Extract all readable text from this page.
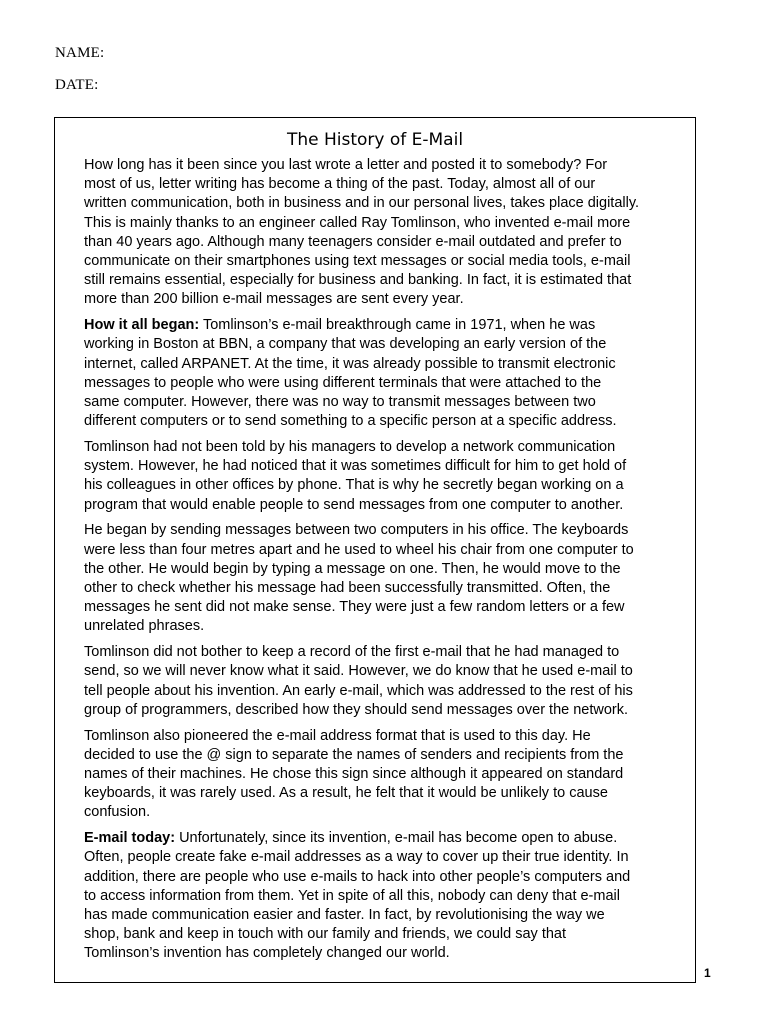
NAME:
DATE:
The History of E-Mail

How long has it been since you last wrote a letter and posted it to somebody? For
most of us, letter writing has become a thing of the past. Today, almost all of our
written communication, both in business and in our personal lives, takes place digitally.
This is mainly thanks to an engineer called Ray Tomlinson, who invented e-mail more
than 40 years ago. Although many teenagers consider e-mail outdated and prefer to
communicate on their smartphones using text messages or social media tools, e-mail
still remains essential, especially for business and banking. In fact, it is estimated that
more than 200 billion e-mail messages are sent every year.

How it all began: Tomlinson’s e-mail breakthrough came in 1971, when he was
working in Boston at BBN, a company that was developing an early version of the
internet, called ARPANET. At the time, it was already possible to transmit electronic
messages to people who were using different terminals that were attached to the
same computer. However, there was no way to transmit messages between two
different computers or to send something to a specific person at a specific address.

Tomlinson had not been told by his managers to develop a network communication
system. However, he had noticed that it was sometimes difficult for him to get hold of
his colleagues in other offices by phone. That is why he secretly began working on a
program that would enable people to send messages from one computer to another.

He began by sending messages between two computers in his office. The keyboards
were less than four metres apart and he used to wheel his chair from one computer to
the other. He would begin by typing a message on one. Then, he would move to the
other to check whether his message had been successfully transmitted. Often, the
messages he sent did not make sense. They were just a few random letters or a few
unrelated phrases.

Tomlinson did not bother to keep a record of the first e-mail that he had managed to
send, so we will never know what it said. However, we do know that he used e-mail to
tell people about his invention. An early e-mail, which was addressed to the rest of his
group of programmers, described how they should send messages over the network.

Tomlinson also pioneered the e-mail address format that is used to this day. He
decided to use the @ sign to separate the names of senders and recipients from the
names of their machines. He chose this sign since although it appeared on standard
keyboards, it was rarely used. As a result, he felt that it would be unlikely to cause
confusion.

E-mail today: Unfortunately, since its invention, e-mail has become open to abuse.
Often, people create fake e-mail addresses as a way to cover up their true identity. In
addition, there are people who use e-mails to hack into other people’s computers and
to access information from them. Yet in spite of all this, nobody can deny that e-mail
has made communication easier and faster. In fact, by revolutionising the way we
shop, bank and keep in touch with our family and friends, we could say that
Tomlinson’s invention has completely changed our world.

1
